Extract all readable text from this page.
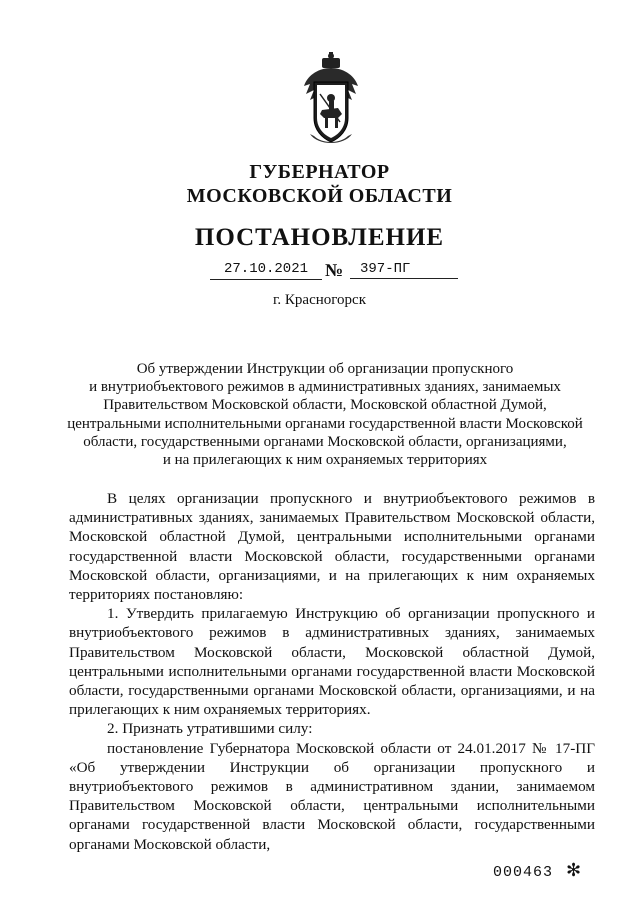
ГУБЕРНАТОР
МОСКОВСКОЙ ОБЛАСТИ
ПОСТАНОВЛЕНИЕ
27.10.2021 №	397-ПГ
г. Красногорск
Об утверждении Инструкции об организации пропускного
и внутриобъектового режимов в административных зданиях, занимаемых
Правительством Московской области, Московской областной Думой,
центральными исполнительными органами государственной власти Московской
области, государственными органами Московской области, организациями,
и на прилегающих к ним охраняемых территориях

В целях организации пропускного и внутриобъектового режимов в административных зданиях, занимаемых Правительством Московской области, Московской областной Думой, центральными исполнительными органами государственной власти Московской области, государственными органами Московской области, организациями, и на прилегающих к ним охраняемых территориях постановляю:

1. Утвердить прилагаемую Инструкцию об организации пропускного и внутриобъектового режимов в административных зданиях, занимаемых Правительством Московской области, Московской областной Думой, центральными исполнительными органами государственной власти Московской области, государственными органами Московской области, организациями, и на прилегающих к ним охраняемых территориях.

2. Признать утратившими силу:

постановление Губернатора Московской области от 24.01.2017 № 17-ПГ «Об утверждении Инструкции об организации пропускного и внутриобъектового режимов в административном здании, занимаемом Правительством Московской области, центральными исполнительными органами государственной власти Московской области, государственными органами Московской области,

000463 ✻
